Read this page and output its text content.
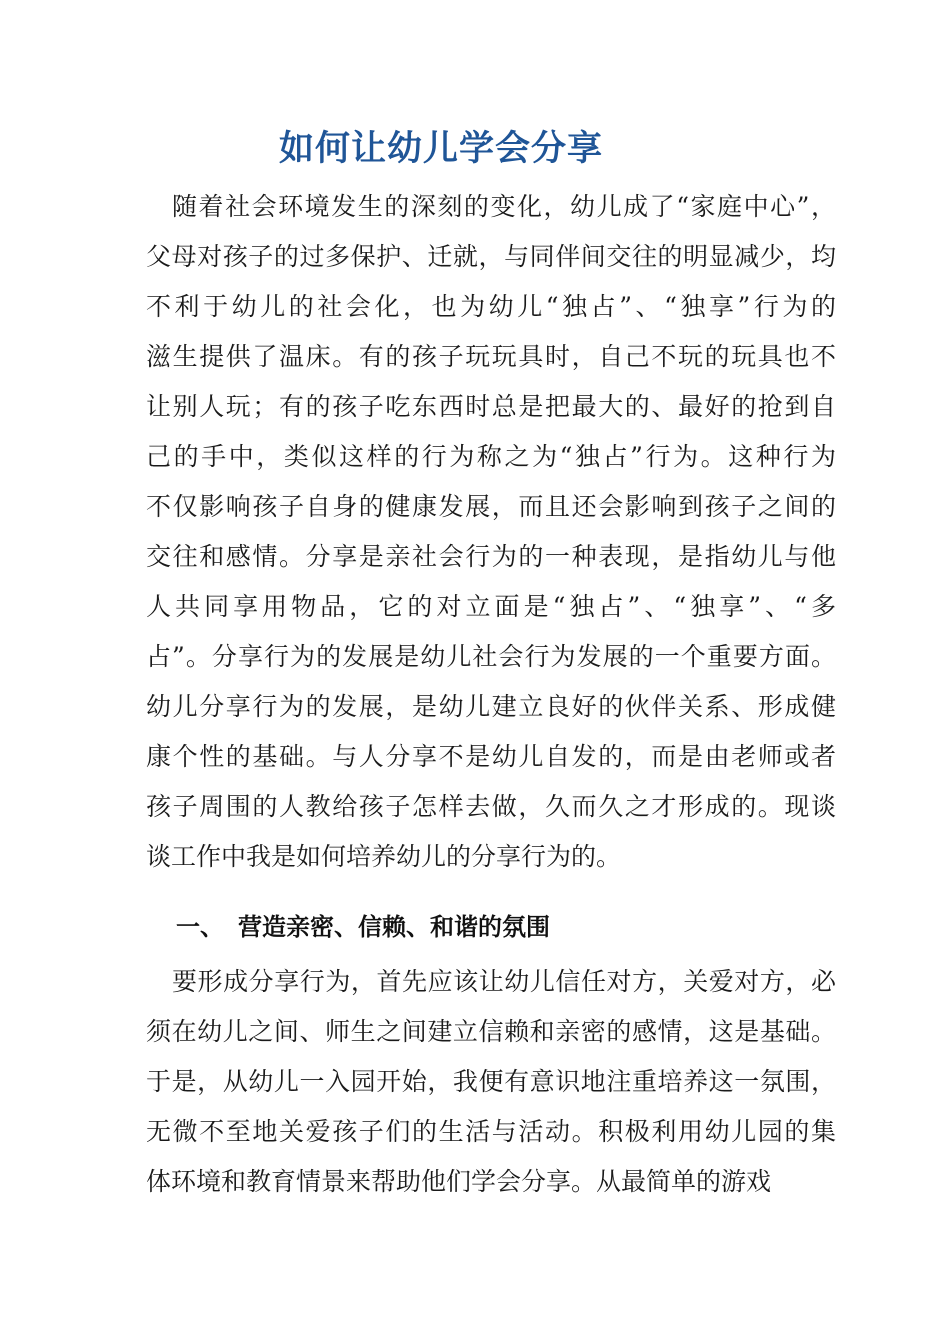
如何让幼儿学会分享
随着社会环境发生的深刻的变化，幼儿成了“家庭中心”，
父母对孩子的过多保护、迁就，与同伴间交往的明显减少，均
不利于幼儿的社会化，也为幼儿“独占”、“独享”行为的
滋生提供了温床。有的孩子玩玩具时，自己不玩的玩具也不
让别人玩；有的孩子吃东西时总是把最大的、最好的抢到自
己的手中，类似这样的行为称之为“独占”行为。这种行为
不仅影响孩子自身的健康发展，而且还会影响到孩子之间的
交往和感情。分享是亲社会行为的一种表现，是指幼儿与他
人共同享用物品，它的对立面是“独占”、“独享”、“多
占”。分享行为的发展是幼儿社会行为发展的一个重要方面。
幼儿分享行为的发展，是幼儿建立良好的伙伴关系、形成健
康个性的基础。与人分享不是幼儿自发的，而是由老师或者
孩子周围的人教给孩子怎样去做，久而久之才形成的。现谈
谈工作中我是如何培养幼儿的分享行为的。
一、 营造亲密、信赖、和谐的氛围
要形成分享行为，首先应该让幼儿信任对方，关爱对方，必
须在幼儿之间、师生之间建立信赖和亲密的感情，这是基础。
于是，从幼儿一入园开始，我便有意识地注重培养这一氛围，
无微不至地关爱孩子们的生活与活动。积极利用幼儿园的集
体环境和教育情景来帮助他们学会分享。从最简单的游戏
